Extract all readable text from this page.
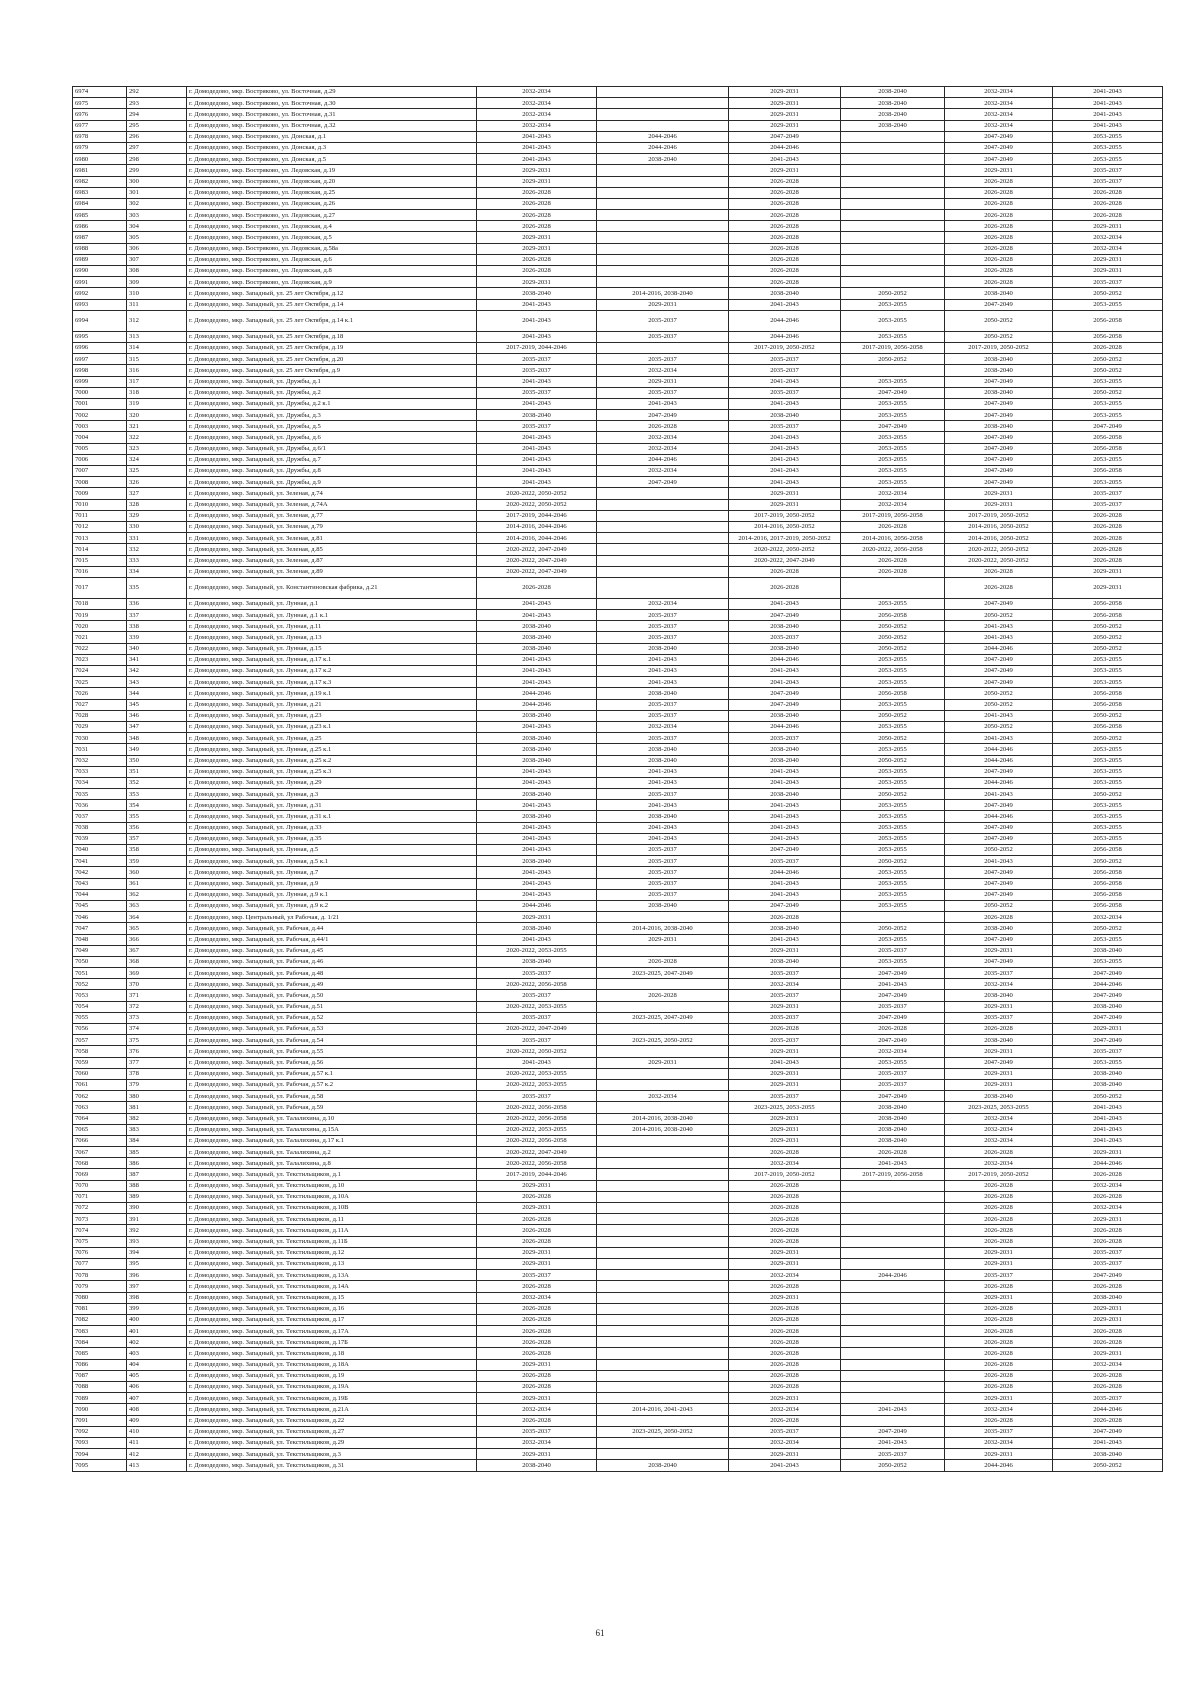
6974	292	г. Домодедово, мкр. Востряково, ул. Восточная, д.29	2032-2034		2029-2031	2038-2040	2032-2034	2041-2043
6975	293	г. Домодедово, мкр. Востряково, ул. Восточная, д.30	2032-2034		2029-2031	2038-2040	2032-2034	2041-2043
6976	294	г. Домодедово, мкр. Востряково, ул. Восточная, д.31	2032-2034		2029-2031	2038-2040	2032-2034	2041-2043
6977	295	г. Домодедово, мкр. Востряково, ул. Восточная, д.32	2032-2034		2029-2031	2038-2040	2032-2034	2041-2043
6978	296	г. Домодедово, мкр. Востряково, ул. Донская, д.1	2041-2043	2044-2046	2047-2049		2047-2049	2053-2055
6979	297	г. Домодедово, мкр. Востряково, ул. Донская, д.3	2041-2043	2044-2046	2044-2046		2047-2049	2053-2055
6980	298	г. Домодедово, мкр. Востряково, ул. Донская, д.5	2041-2043	2038-2040	2041-2043		2047-2049	2053-2055
6981	299	г. Домодедово, мкр. Востряково, ул. Ледовская, д.19	2029-2031		2029-2031		2029-2031	2035-2037
6982	300	г. Домодедово, мкр. Востряково, ул. Ледовская, д.20	2029-2031		2026-2028		2026-2028	2035-2037
6983	301	г. Домодедово, мкр. Востряково, ул. Ледовская, д.25	2026-2028		2026-2028		2026-2028	2026-2028
6984	302	г. Домодедово, мкр. Востряково, ул. Ледовская, д.26	2026-2028		2026-2028		2026-2028	2026-2028
6985	303	г. Домодедово, мкр. Востряково, ул. Ледовская, д.27	2026-2028		2026-2028		2026-2028	2026-2028
6986	304	г. Домодедово, мкр. Востряково, ул. Ледовская, д.4	2026-2028		2026-2028		2026-2028	2029-2031
6987	305	г. Домодедово, мкр. Востряково, ул. Ледовская, д.5	2029-2031		2026-2028		2026-2028	2032-2034
6988	306	г. Домодедово, мкр. Востряково, ул. Ледовская, д.58а	2029-2031		2026-2028		2026-2028	2032-2034
6989	307	г. Домодедово, мкр. Востряково, ул. Ледовская, д.6	2026-2028		2026-2028		2026-2028	2029-2031
6990	308	г. Домодедово, мкр. Востряково, ул. Ледовская, д.8	2026-2028		2026-2028		2026-2028	2029-2031
6991	309	г. Домодедово, мкр. Востряково, ул. Ледовская, д.9	2029-2031		2026-2028		2026-2028	2035-2037
6992	310	г. Домодедово, мкр. Западный, ул. 25 лет Октября, д.12	2038-2040	2014-2016, 2038-2040	2038-2040	2050-2052	2038-2040	2050-2052
6993	311	г. Домодедово, мкр. Западный, ул. 25 лет Октября, д.14	2041-2043	2029-2031	2041-2043	2053-2055	2047-2049	2053-2055
6994	312	г. Домодедово, мкр. Западный, ул. 25 лет Октября, д.14 к.1	2041-2043	2035-2037	2044-2046	2053-2055	2050-2052	2056-2058
6995	313	г. Домодедово, мкр. Западный, ул. 25 лет Октября, д.18	2041-2043	2035-2037	2044-2046	2053-2055	2050-2052	2056-2058
6996	314	г. Домодедово, мкр. Западный, ул. 25 лет Октября, д.19	2017-2019, 2044-2046		2017-2019, 2050-2052	2017-2019, 2056-2058	2017-2019, 2050-2052	2026-2028
6997	315	г. Домодедово, мкр. Западный, ул. 25 лет Октября, д.20	2035-2037	2035-2037	2035-2037	2050-2052	2038-2040	2050-2052
6998	316	г. Домодедово, мкр. Западный, ул. 25 лет Октября, д.9	2035-2037	2032-2034	2035-2037		2038-2040	2050-2052
6999	317	г. Домодедово, мкр. Западный, ул. Дружбы, д.1	2041-2043	2029-2031	2041-2043	2053-2055	2047-2049	2053-2055
7000	318	г. Домодедово, мкр. Западный, ул. Дружбы, д.2	2035-2037	2035-2037	2035-2037	2047-2049	2038-2040	2050-2052
7001	319	г. Домодедово, мкр. Западный, ул. Дружбы, д.2 к.1	2041-2043	2041-2043	2041-2043	2053-2055	2047-2049	2053-2055
7002	320	г. Домодедово, мкр. Западный, ул. Дружбы, д.3	2038-2040	2047-2049	2038-2040	2053-2055	2047-2049	2053-2055
7003	321	г. Домодедово, мкр. Западный, ул. Дружбы, д.5	2035-2037	2026-2028	2035-2037	2047-2049	2038-2040	2047-2049
7004	322	г. Домодедово, мкр. Западный, ул. Дружбы, д.6	2041-2043	2032-2034	2041-2043	2053-2055	2047-2049	2056-2058
7005	323	г. Домодедово, мкр. Западный, ул. Дружбы, д.6/1	2041-2043	2032-2034	2041-2043	2053-2055	2047-2049	2056-2058
7006	324	г. Домодедово, мкр. Западный, ул. Дружбы, д.7	2041-2043	2044-2046	2041-2043	2053-2055	2047-2049	2053-2055
7007	325	г. Домодедово, мкр. Западный, ул. Дружбы, д.8	2041-2043	2032-2034	2041-2043	2053-2055	2047-2049	2056-2058
7008	326	г. Домодедово, мкр. Западный, ул. Дружбы, д.9	2041-2043	2047-2049	2041-2043	2053-2055	2047-2049	2053-2055
7009	327	г. Домодедово, мкр. Западный, ул. Зеленая, д.74	2020-2022, 2050-2052		2029-2031	2032-2034	2029-2031	2035-2037
7010	328	г. Домодедово, мкр. Западный, ул. Зеленая, д.74А	2020-2022, 2050-2052		2029-2031	2032-2034	2029-2031	2035-2037
7011	329	г. Домодедово, мкр. Западный, ул. Зеленая, д.77	2017-2019, 2044-2046		2017-2019, 2050-2052	2017-2019, 2056-2058	2017-2019, 2050-2052	2026-2028
7012	330	г. Домодедово, мкр. Западный, ул. Зеленая, д.79	2014-2016, 2044-2046		2014-2016, 2050-2052	2026-2028	2014-2016, 2050-2052	2026-2028
7013	331	г. Домодедово, мкр. Западный, ул. Зеленая, д.81	2014-2016, 2044-2046		2014-2016, 2017-2019, 2050-2052	2014-2016, 2056-2058	2014-2016, 2050-2052	2026-2028
7014	332	г. Домодедово, мкр. Западный, ул. Зеленая, д.85	2020-2022, 2047-2049		2020-2022, 2050-2052	2020-2022, 2056-2058	2020-2022, 2050-2052	2026-2028
7015	333	г. Домодедово, мкр. Западный, ул. Зеленая, д.87	2020-2022, 2047-2049		2020-2022, 2047-2049	2026-2028	2020-2022, 2050-2052	2026-2028
7016	334	г. Домодедово, мкр. Западный, ул. Зеленая, д.89	2020-2022, 2047-2049		2026-2028	2026-2028	2026-2028	2029-2031
7017	335	г. Домодедово, мкр. Западный, ул. Константиновская фабрика, д.21	2026-2028		2026-2028		2026-2028	2029-2031
7018	336	г. Домодедово, мкр. Западный, ул. Лунная, д.1	2041-2043	2032-2034	2041-2043	2053-2055	2047-2049	2056-2058
7019	337	г. Домодедово, мкр. Западный, ул. Лунная, д.1 к.1	2041-2043	2035-2037	2047-2049	2056-2058	2050-2052	2056-2058
7020	338	г. Домодедово, мкр. Западный, ул. Лунная, д.11	2038-2040	2035-2037	2038-2040	2050-2052	2041-2043	2050-2052
7021	339	г. Домодедово, мкр. Западный, ул. Лунная, д.13	2038-2040	2035-2037	2035-2037	2050-2052	2041-2043	2050-2052
7022	340	г. Домодедово, мкр. Западный, ул. Лунная, д.15	2038-2040	2038-2040	2038-2040	2050-2052	2044-2046	2050-2052
7023	341	г. Домодедово, мкр. Западный, ул. Лунная, д.17 к.1	2041-2043	2041-2043	2044-2046	2053-2055	2047-2049	2053-2055
7024	342	г. Домодедово, мкр. Западный, ул. Лунная, д.17 к.2	2041-2043	2041-2043	2041-2043	2053-2055	2047-2049	2053-2055
7025	343	г. Домодедово, мкр. Западный, ул. Лунная, д.17 к.3	2041-2043	2041-2043	2041-2043	2053-2055	2047-2049	2053-2055
7026	344	г. Домодедово, мкр. Западный, ул. Лунная, д.19 к.1	2044-2046	2038-2040	2047-2049	2056-2058	2050-2052	2056-2058
7027	345	г. Домодедово, мкр. Западный, ул. Лунная, д.21	2044-2046	2035-2037	2047-2049	2053-2055	2050-2052	2056-2058
7028	346	г. Домодедово, мкр. Западный, ул. Лунная, д.23	2038-2040	2035-2037	2038-2040	2050-2052	2041-2043	2050-2052
7029	347	г. Домодедово, мкр. Западный, ул. Лунная, д.23 к.1	2041-2043	2032-2034	2044-2046	2053-2055	2050-2052	2056-2058
7030	348	г. Домодедово, мкр. Западный, ул. Лунная, д.25	2038-2040	2035-2037	2035-2037	2050-2052	2041-2043	2050-2052
7031	349	г. Домодедово, мкр. Западный, ул. Лунная, д.25 к.1	2038-2040	2038-2040	2038-2040	2053-2055	2044-2046	2053-2055
7032	350	г. Домодедово, мкр. Западный, ул. Лунная, д.25 к.2	2038-2040	2038-2040	2038-2040	2050-2052	2044-2046	2053-2055
7033	351	г. Домодедово, мкр. Западный, ул. Лунная, д.25 к.3	2041-2043	2041-2043	2041-2043	2053-2055	2047-2049	2053-2055
7034	352	г. Домодедово, мкр. Западный, ул. Лунная, д.29	2041-2043	2041-2043	2041-2043	2053-2055	2044-2046	2053-2055
7035	353	г. Домодедово, мкр. Западный, ул. Лунная, д.3	2038-2040	2035-2037	2038-2040	2050-2052	2041-2043	2050-2052
7036	354	г. Домодедово, мкр. Западный, ул. Лунная, д.31	2041-2043	2041-2043	2041-2043	2053-2055	2047-2049	2053-2055
7037	355	г. Домодедово, мкр. Западный, ул. Лунная, д.31 к.1	2038-2040	2038-2040	2041-2043	2053-2055	2044-2046	2053-2055
7038	356	г. Домодедово, мкр. Западный, ул. Лунная, д.33	2041-2043	2041-2043	2041-2043	2053-2055	2047-2049	2053-2055
7039	357	г. Домодедово, мкр. Западный, ул. Лунная, д.35	2041-2043	2041-2043	2041-2043	2053-2055	2047-2049	2053-2055
7040	358	г. Домодедово, мкр. Западный, ул. Лунная, д.5	2041-2043	2035-2037	2047-2049	2053-2055	2050-2052	2056-2058
7041	359	г. Домодедово, мкр. Западный, ул. Лунная, д.5 к.1	2038-2040	2035-2037	2035-2037	2050-2052	2041-2043	2050-2052
7042	360	г. Домодедово, мкр. Западный, ул. Лунная, д.7	2041-2043	2035-2037	2044-2046	2053-2055	2047-2049	2056-2058
7043	361	г. Домодедово, мкр. Западный, ул. Лунная, д.9	2041-2043	2035-2037	2041-2043	2053-2055	2047-2049	2056-2058
7044	362	г. Домодедово, мкр. Западный, ул. Лунная, д.9 к.1	2041-2043	2035-2037	2041-2043	2053-2055	2047-2049	2056-2058
7045	363	г. Домодедово, мкр. Западный, ул. Лунная, д.9 к.2	2044-2046	2038-2040	2047-2049	2053-2055	2050-2052	2056-2058
7046	364	г. Домодедово, мкр. Центральный, ул Рабочая, д. 1/21	2029-2031		2026-2028		2026-2028	2032-2034
7047	365	г. Домодедово, мкр. Западный, ул. Рабочая, д.44	2038-2040	2014-2016, 2038-2040	2038-2040	2050-2052	2038-2040	2050-2052
7048	366	г. Домодедово, мкр. Западный, ул. Рабочая, д.44/1	2041-2043	2029-2031	2041-2043	2053-2055	2047-2049	2053-2055
7049	367	г. Домодедово, мкр. Западный, ул. Рабочая, д.45	2020-2022, 2053-2055		2029-2031	2035-2037	2029-2031	2038-2040
7050	368	г. Домодедово, мкр. Западный, ул. Рабочая, д.46	2038-2040	2026-2028	2038-2040	2053-2055	2047-2049	2053-2055
7051	369	г. Домодедово, мкр. Западный, ул. Рабочая, д.48	2035-2037	2023-2025, 2047-2049	2035-2037	2047-2049	2035-2037	2047-2049
7052	370	г. Домодедово, мкр. Западный, ул. Рабочая, д.49	2020-2022, 2056-2058		2032-2034	2041-2043	2032-2034	2044-2046
7053	371	г. Домодедово, мкр. Западный, ул. Рабочая, д.50	2035-2037	2026-2028	2035-2037	2047-2049	2038-2040	2047-2049
7054	372	г. Домодедово, мкр. Западный, ул. Рабочая, д.51	2020-2022, 2053-2055		2029-2031	2035-2037	2029-2031	2038-2040
7055	373	г. Домодедово, мкр. Западный, ул. Рабочая, д.52	2035-2037	2023-2025, 2047-2049	2035-2037	2047-2049	2035-2037	2047-2049
7056	374	г. Домодедово, мкр. Западный, ул. Рабочая, д.53	2020-2022, 2047-2049		2026-2028	2026-2028	2026-2028	2029-2031
7057	375	г. Домодедово, мкр. Западный, ул. Рабочая, д.54	2035-2037	2023-2025, 2050-2052	2035-2037	2047-2049	2038-2040	2047-2049
7058	376	г. Домодедово, мкр. Западный, ул. Рабочая, д.55	2020-2022, 2050-2052		2029-2031	2032-2034	2029-2031	2035-2037
7059	377	г. Домодедово, мкр. Западный, ул. Рабочая, д.56	2041-2043	2029-2031	2041-2043	2053-2055	2047-2049	2053-2055
7060	378	г. Домодедово, мкр. Западный, ул. Рабочая, д.57 к.1	2020-2022, 2053-2055		2029-2031	2035-2037	2029-2031	2038-2040
7061	379	г. Домодедово, мкр. Западный, ул. Рабочая, д.57 к.2	2020-2022, 2053-2055		2029-2031	2035-2037	2029-2031	2038-2040
7062	380	г. Домодедово, мкр. Западный, ул. Рабочая, д.58	2035-2037	2032-2034	2035-2037	2047-2049	2038-2040	2050-2052
7063	381	г. Домодедово, мкр. Западный, ул. Рабочая, д.59	2020-2022, 2056-2058		2023-2025, 2053-2055	2038-2040	2023-2025, 2053-2055	2041-2043
7064	382	г. Домодедово, мкр. Западный, ул. Талалихина, д.10	2020-2022, 2056-2058	2014-2016, 2038-2040	2029-2031	2038-2040	2032-2034	2041-2043
7065	383	г. Домодедово, мкр. Западный, ул. Талалихина, д.15А	2020-2022, 2053-2055	2014-2016, 2038-2040	2029-2031	2038-2040	2032-2034	2041-2043
7066	384	г. Домодедово, мкр. Западный, ул. Талалихина, д.17 к.1	2020-2022, 2056-2058		2029-2031	2038-2040	2032-2034	2041-2043
7067	385	г. Домодедово, мкр. Западный, ул. Талалихина, д.2	2020-2022, 2047-2049		2026-2028	2026-2028	2026-2028	2029-2031
7068	386	г. Домодедово, мкр. Западный, ул. Талалихина, д.8	2020-2022, 2056-2058		2032-2034	2041-2043	2032-2034	2044-2046
7069	387	г. Домодедово, мкр. Западный, ул. Текстильщиков, д.1	2017-2019, 2044-2046		2017-2019, 2050-2052	2017-2019, 2056-2058	2017-2019, 2050-2052	2026-2028
7070	388	г. Домодедово, мкр. Западный, ул. Текстильщиков, д.10	2029-2031		2026-2028		2026-2028	2032-2034
7071	389	г. Домодедово, мкр. Западный, ул. Текстильщиков, д.10А	2026-2028		2026-2028		2026-2028	2026-2028
7072	390	г. Домодедово, мкр. Западный, ул. Текстильщиков, д.10В	2029-2031		2026-2028		2026-2028	2032-2034
7073	391	г. Домодедово, мкр. Западный, ул. Текстильщиков, д.11	2026-2028		2026-2028		2026-2028	2029-2031
7074	392	г. Домодедово, мкр. Западный, ул. Текстильщиков, д.11А	2026-2028		2026-2028		2026-2028	2026-2028
7075	393	г. Домодедово, мкр. Западный, ул. Текстильщиков, д.11Б	2026-2028		2026-2028		2026-2028	2026-2028
7076	394	г. Домодедово, мкр. Западный, ул. Текстильщиков, д.12	2029-2031		2029-2031		2029-2031	2035-2037
7077	395	г. Домодедово, мкр. Западный, ул. Текстильщиков, д.13	2029-2031		2029-2031		2029-2031	2035-2037
7078	396	г. Домодедово, мкр. Западный, ул. Текстильщиков, д.13А	2035-2037		2032-2034	2044-2046	2035-2037	2047-2049
7079	397	г. Домодедово, мкр. Западный, ул. Текстильщиков, д.14А	2026-2028		2026-2028		2026-2028	2026-2028
7080	398	г. Домодедово, мкр. Западный, ул. Текстильщиков, д.15	2032-2034		2029-2031		2029-2031	2038-2040
7081	399	г. Домодедово, мкр. Западный, ул. Текстильщиков, д.16	2026-2028		2026-2028		2026-2028	2029-2031
7082	400	г. Домодедово, мкр. Западный, ул. Текстильщиков, д.17	2026-2028		2026-2028		2026-2028	2029-2031
7083	401	г. Домодедово, мкр. Западный, ул. Текстильщиков, д.17А	2026-2028		2026-2028		2026-2028	2026-2028
7084	402	г. Домодедово, мкр. Западный, ул. Текстильщиков, д.17Б	2026-2028		2026-2028		2026-2028	2026-2028
7085	403	г. Домодедово, мкр. Западный, ул. Текстильщиков, д.18	2026-2028		2026-2028		2026-2028	2029-2031
7086	404	г. Домодедово, мкр. Западный, ул. Текстильщиков, д.18А	2029-2031		2026-2028		2026-2028	2032-2034
7087	405	г. Домодедово, мкр. Западный, ул. Текстильщиков, д.19	2026-2028		2026-2028		2026-2028	2026-2028
7088	406	г. Домодедово, мкр. Западный, ул. Текстильщиков, д.19А	2026-2028		2026-2028		2026-2028	2026-2028
7089	407	г. Домодедово, мкр. Западный, ул. Текстильщиков, д.19Б	2029-2031		2029-2031		2029-2031	2035-2037
7090	408	г. Домодедово, мкр. Западный, ул. Текстильщиков, д.21А	2032-2034	2014-2016, 2041-2043	2032-2034	2041-2043	2032-2034	2044-2046
7091	409	г. Домодедово, мкр. Западный, ул. Текстильщиков, д.22	2026-2028		2026-2028		2026-2028	2026-2028
7092	410	г. Домодедово, мкр. Западный, ул. Текстильщиков, д.27	2035-2037	2023-2025, 2050-2052	2035-2037	2047-2049	2035-2037	2047-2049
7093	411	г. Домодедово, мкр. Западный, ул. Текстильщиков, д.29	2032-2034		2032-2034	2041-2043	2032-2034	2041-2043
7094	412	г. Домодедово, мкр. Западный, ул. Текстильщиков, д.3	2029-2031		2029-2031	2035-2037	2029-2031	2038-2040
7095	413	г. Домодедово, мкр. Западный, ул. Текстильщиков, д.31	2038-2040	2038-2040	2041-2043	2050-2052	2044-2046	2050-2052
61
